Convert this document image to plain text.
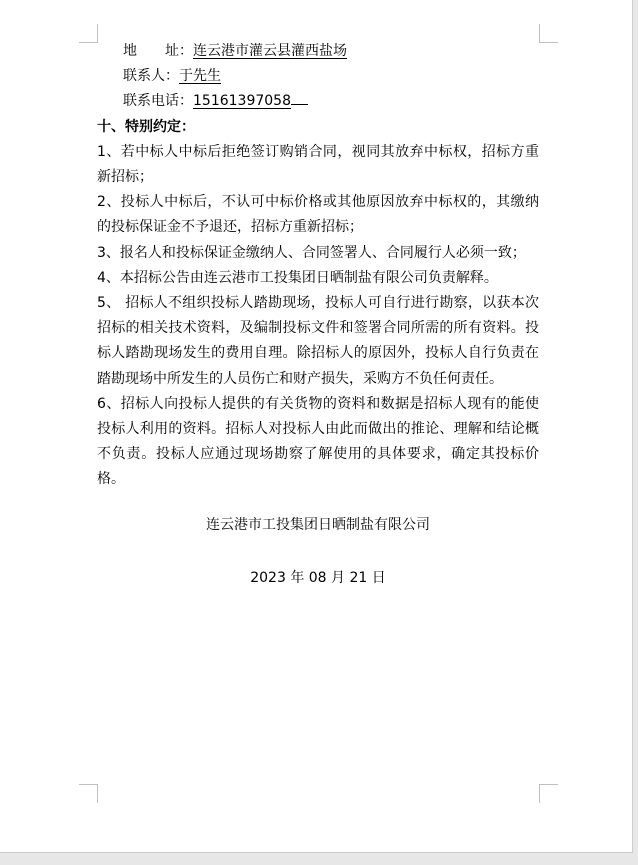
地　　址：连云港市灌云县灌西盐场
联系人：于先生
联系电话：15161397058
十、特别约定：

1、若中标人中标后拒绝签订购销合同，视同其放弃中标权，招标方重新招标；

2、投标人中标后，不认可中标价格或其他原因放弃中标权的，其缴纳的投标保证金不予退还，招标方重新招标；

3、报名人和投标保证金缴纳人、合同签署人、合同履行人必须一致；

4、本招标公告由连云港市工投集团日晒制盐有限公司负责解释。

5、 招标人不组织投标人踏勘现场，投标人可自行进行勘察，以获本次招标的相关技术资料，及编制投标文件和签署合同所需的所有资料。投标人踏勘现场发生的费用自理。除招标人的原因外，投标人自行负责在踏勘现场中所发生的人员伤亡和财产损失，采购方不负任何责任。

6、招标人向投标人提供的有关货物的资料和数据是招标人现有的能使投标人利用的资料。招标人对投标人由此而做出的推论、理解和结论概不负责。投标人应通过现场勘察了解使用的具体要求，确定其投标价格。

连云港市工投集团日晒制盐有限公司
2023 年 08 月 21 日
